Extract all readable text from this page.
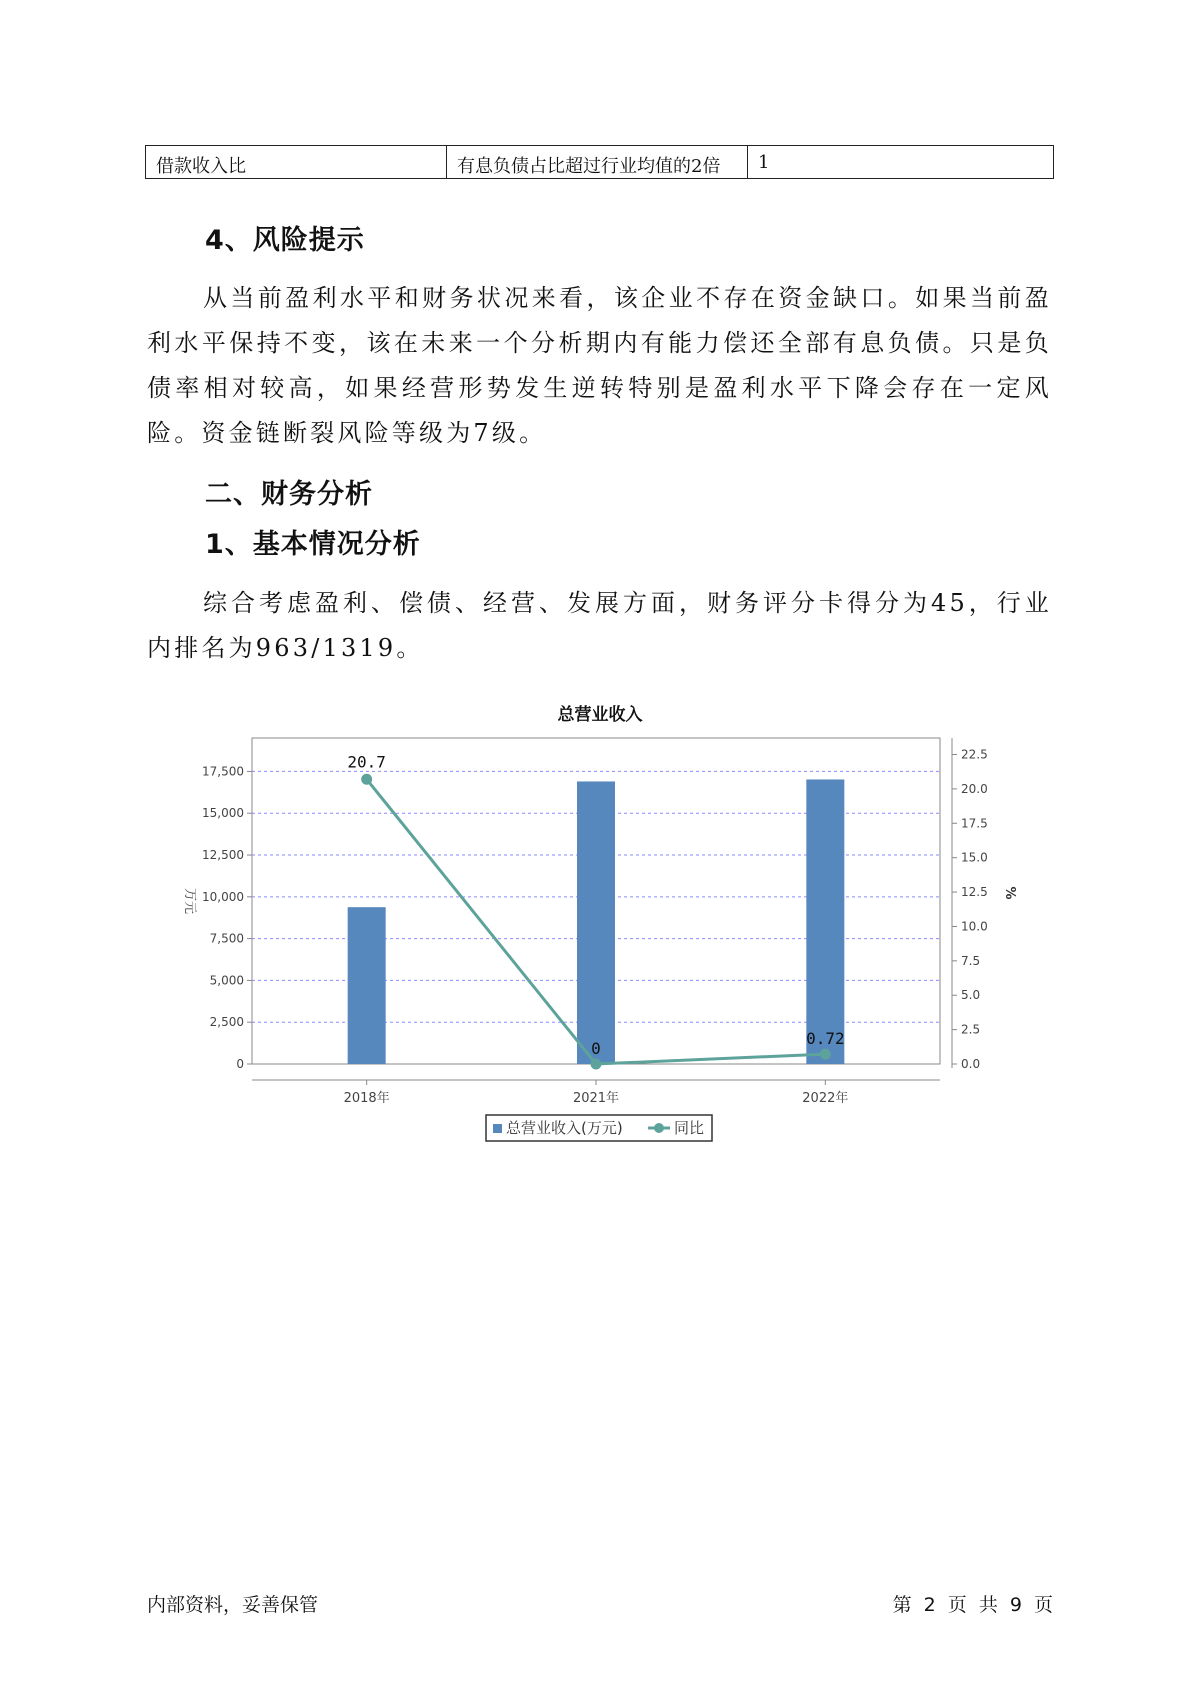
借款收入比	有息负债占比超过行业均值的2倍	1
4、风险提示

从当前盈利水平和财务状况来看，该企业不存在资金缺口。如果当前盈利水平保持不变，该在未来一个分析期内有能力偿还全部有息负债。只是负债率相对较高，如果经营形势发生逆转特别是盈利水平下降会存在一定风险。资金链断裂风险等级为7级。

二、财务分析
1、基本情况分析

综合考虑盈利、偿债、经营、发展方面，财务评分卡得分为45，行业内排名为963/1319。

总营业收入
0
2,500
5,000
7,500
10,000
12,500
15,000
17,500
0.0
2.5
5.0
7.5
10.0
12.5
15.0
17.5
20.0
22.5
万元	%
2018年	2021年	2022年
20.7
0
0.72
总营业收入(万元)	同比
内部资料，妥善保管	第 2 页 共 9 页
